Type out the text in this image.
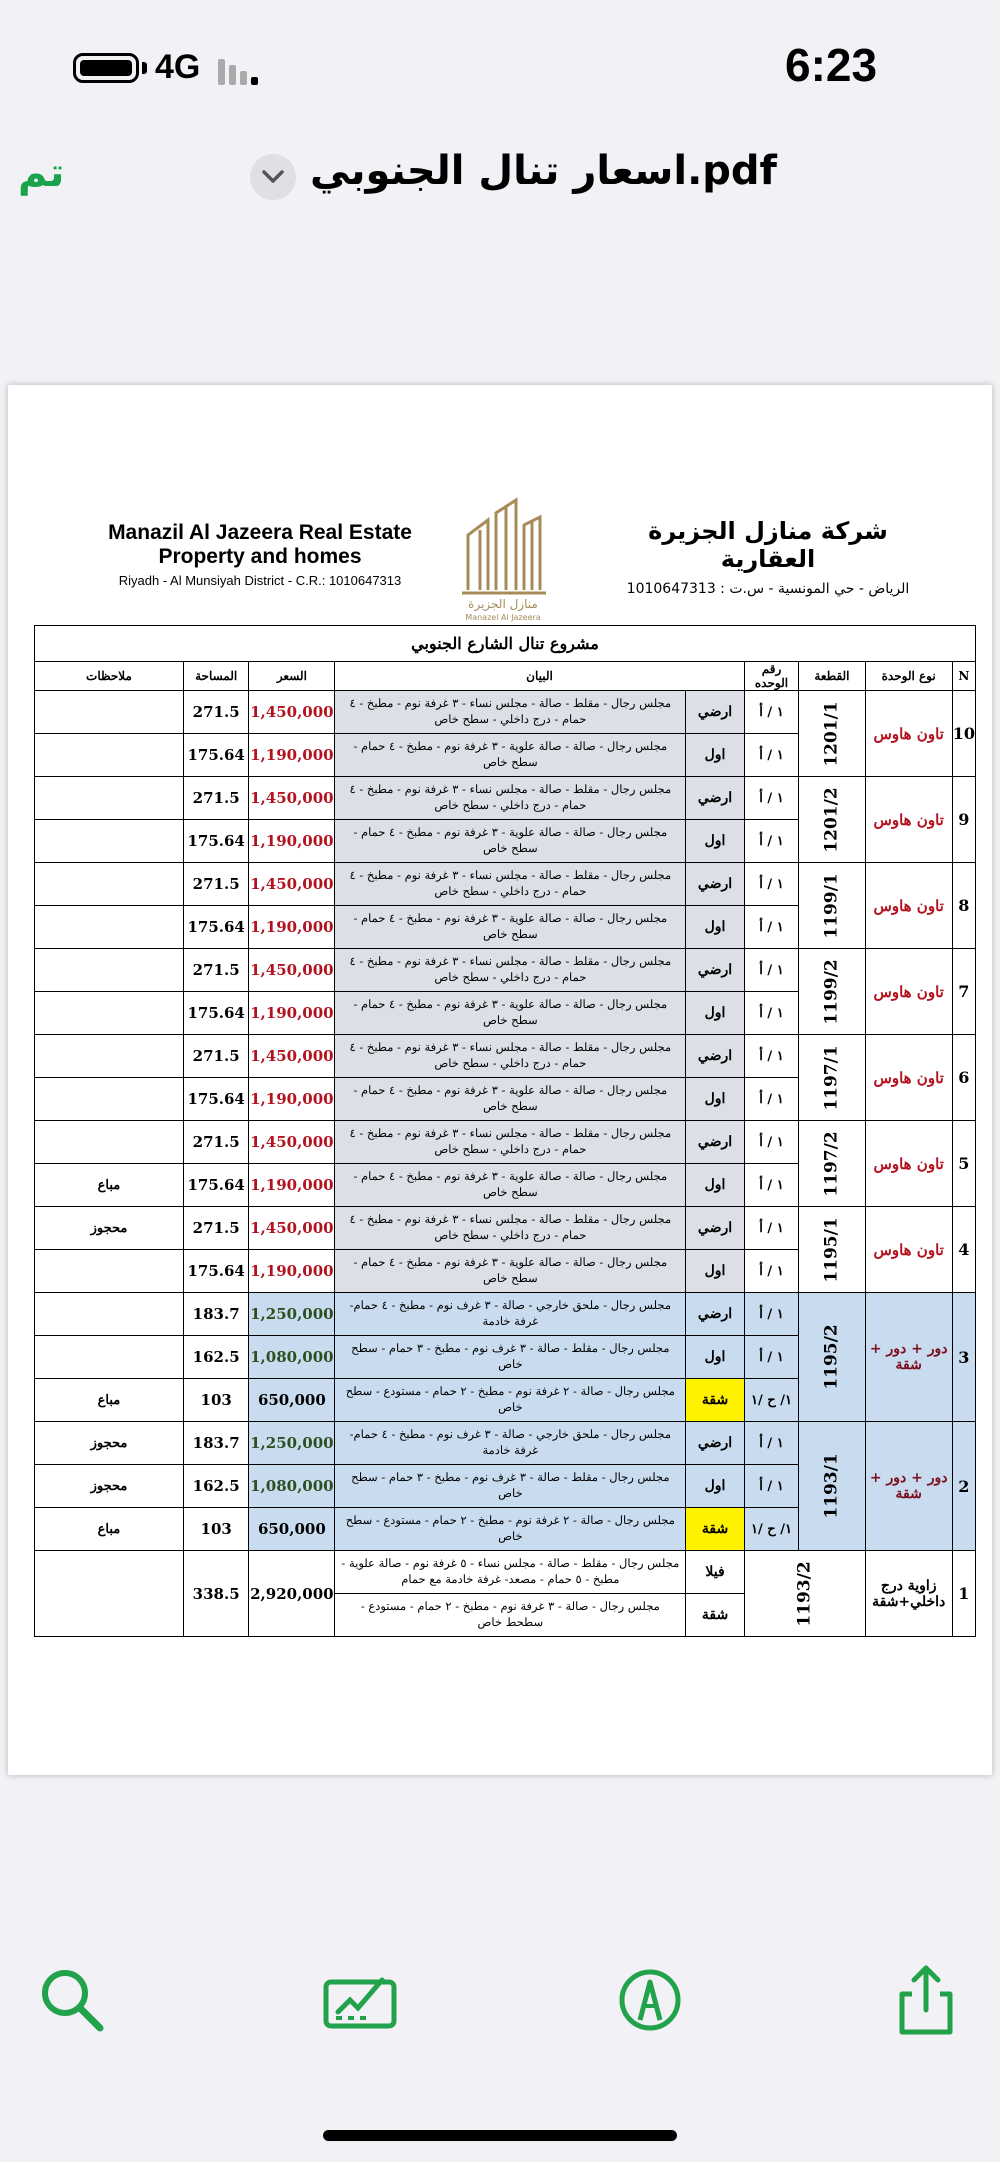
4G	6:23
تم	اسعار تنال الجنوبي.pdf
Manazil Al Jazeera Real Estate
Property and homes
Riyadh - Al Munsiyah District - C.R.: 1010647313
منازل الجزيرة
Manazel Al Jazeera
شركة منازل الجزيرة العقارية
الرياض - حي المونسية - س.ت : 1010647313
مشروع تنال الشارع الجنوبي								
N	نوع الوحدة	القطعة	رقم الوحده	البيان		السعر	المساحة	ملاحظات
10	تاون هاوس	1201/1	١ / أ	ارضي	مجلس رجال - مقلط - صالة - مجلس نساء - ٣ غرفة نوم - مطبخ - ٤ حمام - درج داخلي - سطح خاص	1,450,000	271.5	
			١ / أ	اول	مجلس رجال - صالة - صالة علوية - ٣ غرفة نوم - مطبخ - ٤ حمام - سطح خاص	1,190,000	175.64	
9	تاون هاوس	1201/2	١ / أ	ارضي	مجلس رجال - مقلط - صالة - مجلس نساء - ٣ غرفة نوم - مطبخ - ٤ حمام - درج داخلي - سطح خاص	1,450,000	271.5	
			١ / أ	اول	مجلس رجال - صالة - صالة علوية - ٣ غرفة نوم - مطبخ - ٤ حمام - سطح خاص	1,190,000	175.64	
8	تاون هاوس	1199/1	١ / أ	ارضي	مجلس رجال - مقلط - صالة - مجلس نساء - ٣ غرفة نوم - مطبخ - ٤ حمام - درج داخلي - سطح خاص	1,450,000	271.5	
			١ / أ	اول	مجلس رجال - صالة - صالة علوية - ٣ غرفة نوم - مطبخ - ٤ حمام - سطح خاص	1,190,000	175.64	
7	تاون هاوس	1199/2	١ / أ	ارضي	مجلس رجال - مقلط - صالة - مجلس نساء - ٣ غرفة نوم - مطبخ - ٤ حمام - درج داخلي - سطح خاص	1,450,000	271.5	
			١ / أ	اول	مجلس رجال - صالة - صالة علوية - ٣ غرفة نوم - مطبخ - ٤ حمام - سطح خاص	1,190,000	175.64	
6	تاون هاوس	1197/1	١ / أ	ارضي	مجلس رجال - مقلط - صالة - مجلس نساء - ٣ غرفة نوم - مطبخ - ٤ حمام - درج داخلي - سطح خاص	1,450,000	271.5	
			١ / أ	اول	مجلس رجال - صالة - صالة علوية - ٣ غرفة نوم - مطبخ - ٤ حمام - سطح خاص	1,190,000	175.64	
5	تاون هاوس	1197/2	١ / أ	ارضي	مجلس رجال - مقلط - صالة - مجلس نساء - ٣ غرفة نوم - مطبخ - ٤ حمام - درج داخلي - سطح خاص	1,450,000	271.5	
			١ / أ	اول	مجلس رجال - صالة - صالة علوية - ٣ غرفة نوم - مطبخ - ٤ حمام - سطح خاص	1,190,000	175.64	مباع
4	تاون هاوس	1195/1	١ / أ	ارضي	مجلس رجال - مقلط - صالة - مجلس نساء - ٣ غرفة نوم - مطبخ - ٤ حمام - درج داخلي - سطح خاص	1,450,000	271.5	محجوز
			١ / أ	اول	مجلس رجال - صالة - صالة علوية - ٣ غرفة نوم - مطبخ - ٤ حمام - سطح خاص	1,190,000	175.64	
3	دور + دور + شقة	1195/2	١ / أ	ارضي	مجلس رجال - ملحق خارجي - صالة - ٣ غرف نوم - مطبخ - ٤ حمام-غرفة خادمة	1,250,000	183.7	
			١ / أ	اول	مجلس رجال - مقلط - صالة - ٣ غرف نوم - مطبخ - ٣ حمام - سطح خاص	1,080,000	162.5	
			١/ ح /١	شقة	مجلس رجال - صالة - ٢ غرفة نوم - مطبخ - ٢ حمام - مستودع - سطح خاص	650,000	103	مباع
2	دور + دور + شقة	1193/1	١ / أ	ارضي	مجلس رجال - ملحق خارجي - صالة - ٣ غرف نوم - مطبخ - ٤ حمام-غرفة خادمة	1,250,000	183.7	محجوز
			١ / أ	اول	مجلس رجال - مقلط - صالة - ٣ غرف نوم - مطبخ - ٣ حمام - سطح خاص	1,080,000	162.5	محجوز
			١/ ح /١	شقة	مجلس رجال - صالة - ٢ غرفة نوم - مطبخ - ٢ حمام - مستودع - سطح خاص	650,000	103	مباع
1	زاوية درج داخلي+شقة	1193/2		فيلا	مجلس رجال - مقلط - صالة - مجلس نساء - ٥ غرفة نوم - صالة علوية - مطبخ - ٥ حمام - مصعد- غرفة خادمة مع حمام	2,920,000	338.5	
				شقة	مجلس رجال - صالة - ٣ غرفة نوم - مطبخ - ٢ حمام - مستودع - سطحط خاص			
